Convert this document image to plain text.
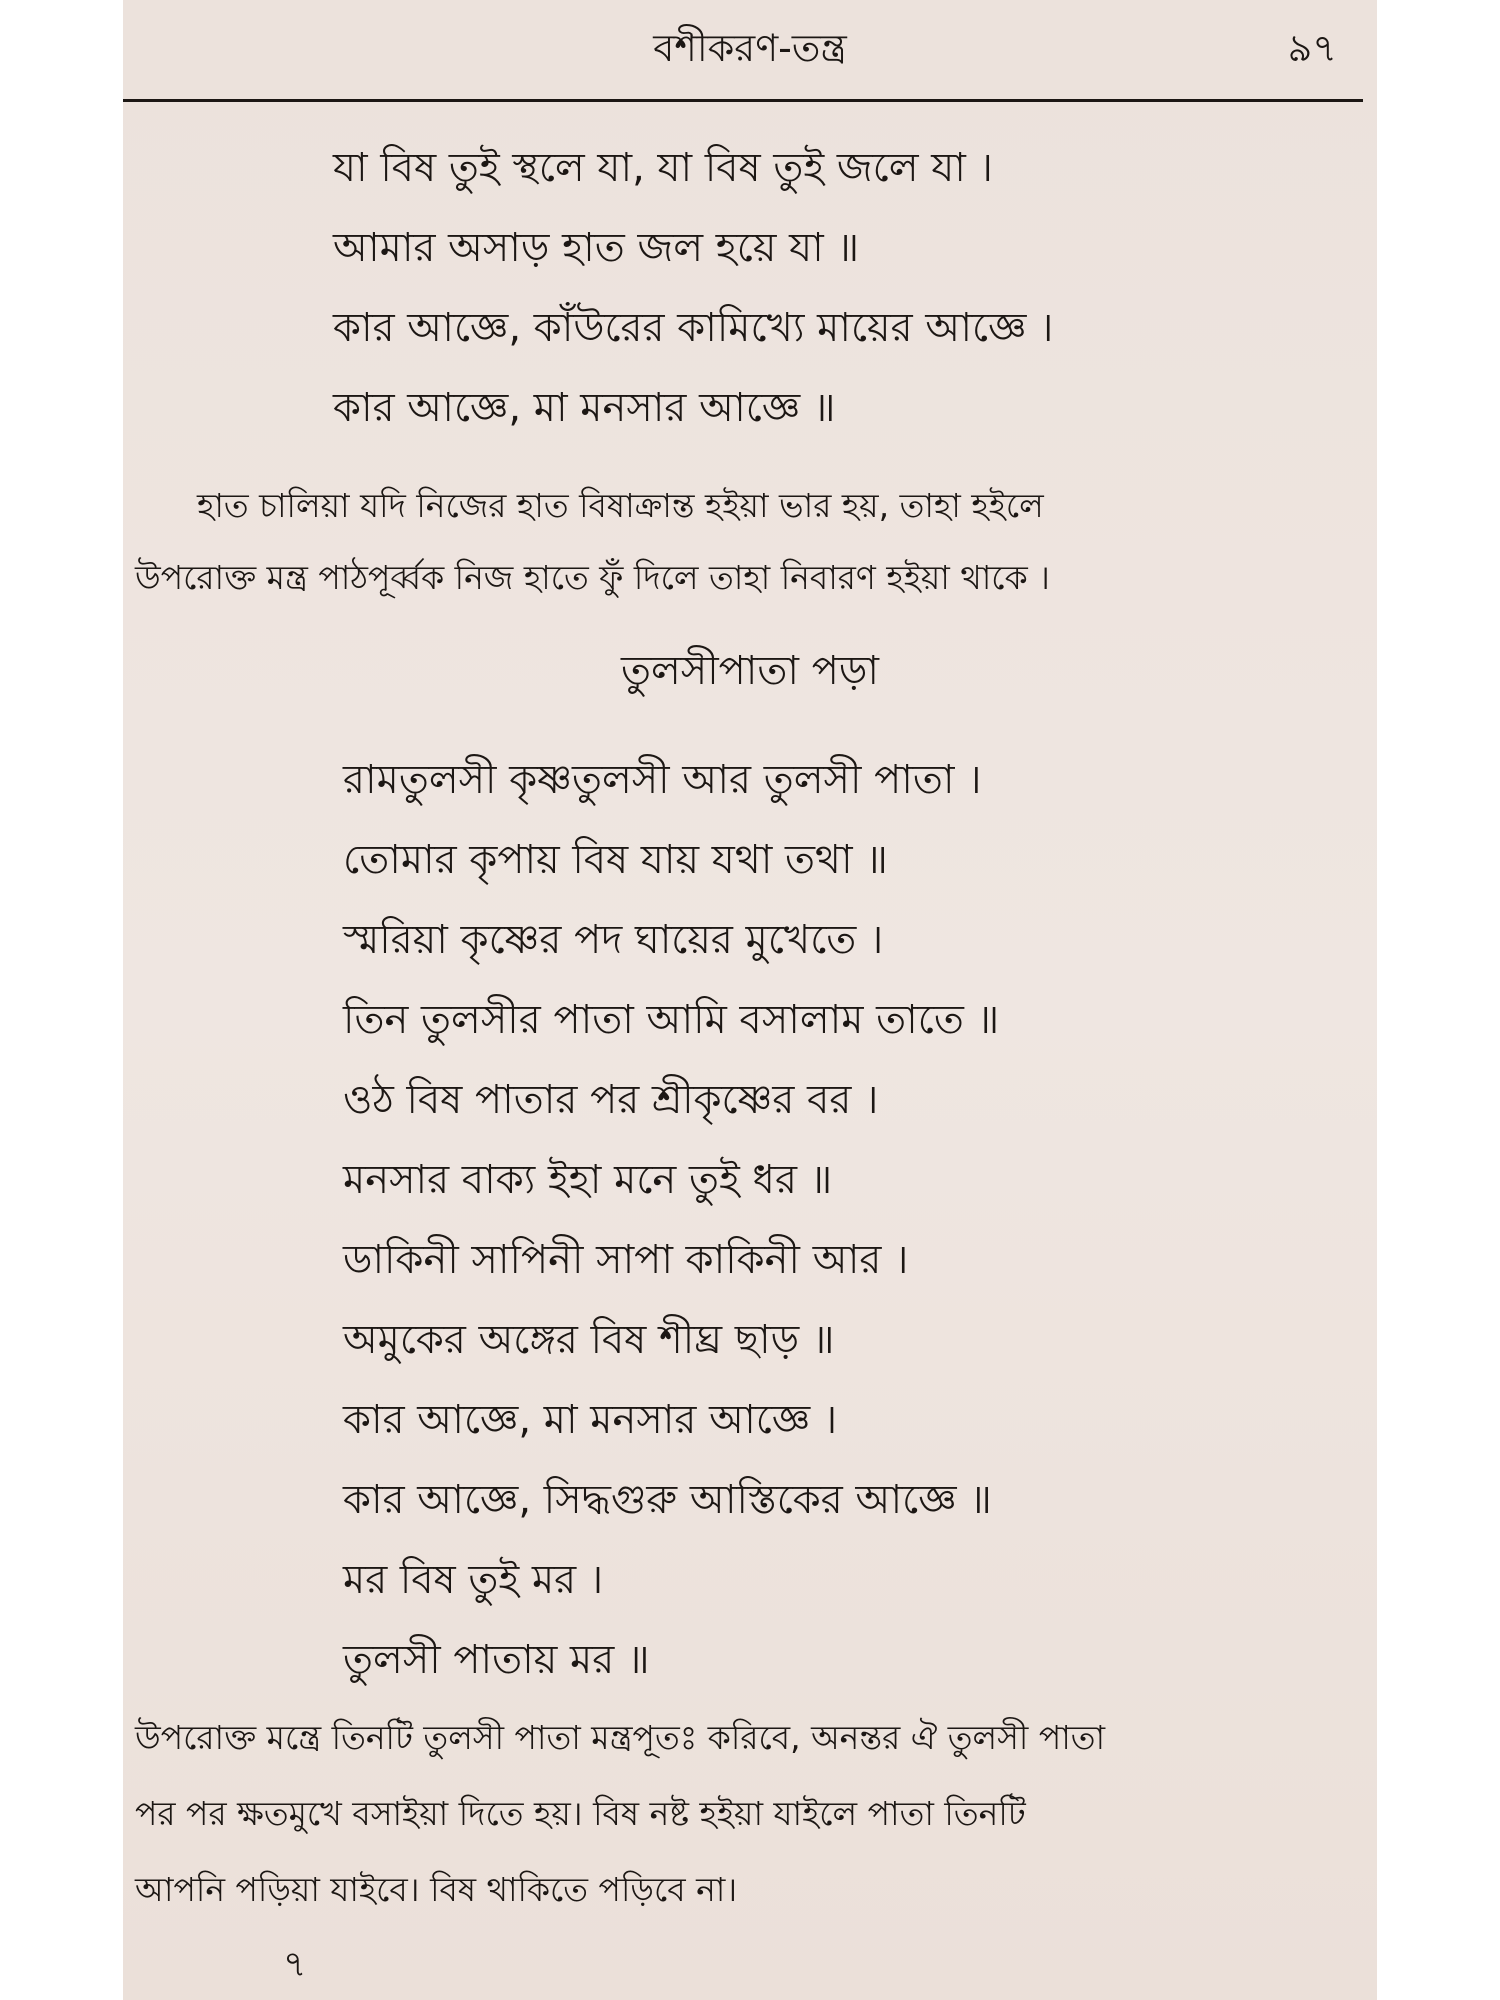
বশীকরণ-তন্ত্র	৯৭
যা বিষ তুই স্থলে যা, যা বিষ তুই জলে যা ।
আমার অসাড় হাত জল হয়ে যা ॥
কার আজ্ঞে, কাঁউরের কামিখ্যে মায়ের আজ্ঞে ।
কার আজ্ঞে, মা মনসার আজ্ঞে ॥
হাত চালিয়া যদি নিজের হাত বিষাক্রান্ত হইয়া ভার হয়, তাহা হইলে
উপরোক্ত মন্ত্র পাঠপূর্ব্বক নিজ হাতে ফুঁ দিলে তাহা নিবারণ হইয়া থাকে ।
তুলসীপাতা পড়া
রামতুলসী কৃষ্ণতুলসী আর তুলসী পাতা ।
তোমার কৃপায় বিষ যায় যথা তথা ॥
স্মরিয়া কৃষ্ণের পদ ঘায়ের মুখেতে ।
তিন তুলসীর পাতা আমি বসালাম তাতে ॥
ওঠ বিষ পাতার পর শ্রীকৃষ্ণের বর ।
মনসার বাক্য ইহা মনে তুই ধর ॥
ডাকিনী সাপিনী সাপা কাকিনী আর ।
অমুকের অঙ্গের বিষ শীঘ্র ছাড় ॥
কার আজ্ঞে, মা মনসার আজ্ঞে ।
কার আজ্ঞে, সিদ্ধগুরু আস্তিকের আজ্ঞে ॥
মর বিষ তুই মর ।
তুলসী পাতায় মর ॥
উপরোক্ত মন্ত্রে তিনটি তুলসী পাতা মন্ত্রপূতঃ করিবে, অনন্তর ঐ তুলসী পাতা
পর পর ক্ষতমুখে বসাইয়া দিতে হয়। বিষ নষ্ট হইয়া যাইলে পাতা তিনটি
আপনি পড়িয়া যাইবে। বিষ থাকিতে পড়িবে না।
৭
